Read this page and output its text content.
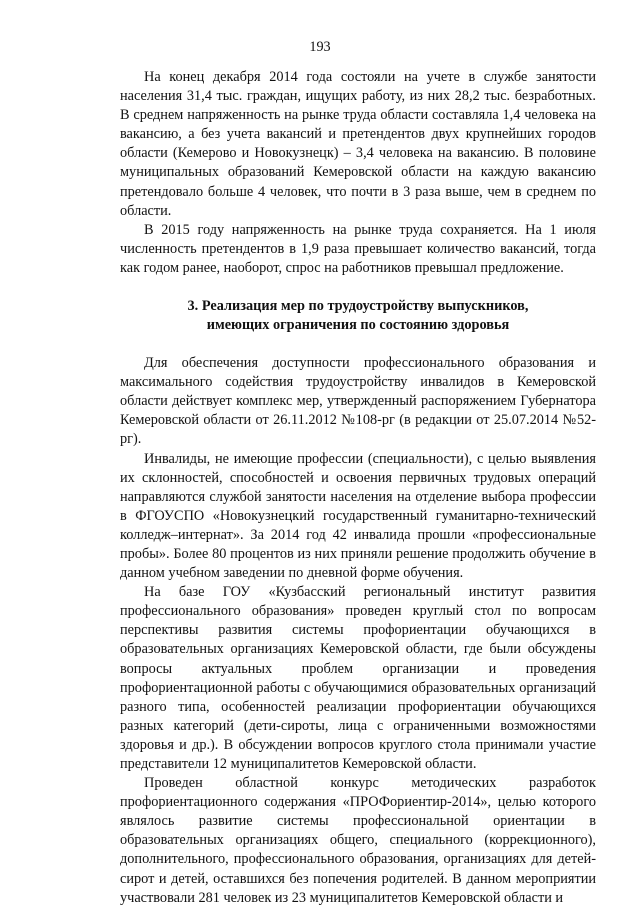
193

На конец декабря 2014 года состояли на учете в службе занятости населения 31,4 тыс. граждан, ищущих работу, из них 28,2 тыс. безработных. В среднем напряженность на рынке труда области составляла 1,4 человека на вакансию, а без учета вакансий и претендентов двух крупнейших городов области (Кемерово и Новокузнецк) – 3,4 человека на вакансию. В половине муниципальных образований Кемеровской области на каждую вакансию претендовало больше 4 человек, что почти в 3 раза выше, чем в среднем по области.

В 2015 году напряженность на рынке труда сохраняется. На 1 июля численность претендентов в 1,9 раза превышает количество вакансий, тогда как годом ранее, наоборот, спрос на работников превышал предложение.

3. Реализация мер по трудоустройству выпускников,

имеющих ограничения по состоянию здоровья

Для обеспечения доступности профессионального образования и максимального содействия трудоустройству инвалидов в Кемеровской области действует комплекс мер, утвержденный распоряжением Губернатора Кемеровской области от 26.11.2012 №108-рг (в редакции от 25.07.2014 №52-рг).

Инвалиды, не имеющие профессии (специальности), с целью выявления их склонностей, способностей и освоения первичных трудовых операций направляются службой занятости населения на отделение выбора профессии в ФГОУСПО «Новокузнецкий государственный гуманитарно-технический колледж–интернат». За 2014 год 42 инвалида прошли «профессиональные пробы». Более 80 процентов из них приняли решение продолжить обучение в данном учебном заведении по дневной форме обучения.

На базе ГОУ «Кузбасский региональный институт развития профессионального образования» проведен круглый стол по вопросам перспективы развития системы профориентации обучающихся в образовательных организациях Кемеровской области, где были обсуждены вопросы актуальных проблем организации и проведения профориентационной работы с обучающимися образовательных организаций разного типа, особенностей реализации профориентации обучающихся разных категорий (дети-сироты, лица с ограниченными возможностями здоровья и др.). В обсуждении вопросов круглого стола принимали участие представители 12 муниципалитетов Кемеровской области.

Проведен областной конкурс методических разработок профориентационного содержания «ПРОФориентир-2014», целью которого являлось развитие системы профессиональной ориентации в образовательных организациях общего, специального (коррекционного), дополнительного, профессионального образования, организациях для детей-сирот и детей, оставшихся без попечения родителей. В данном мероприятии участвовали 281 человек из 23 муниципалитетов Кемеровской области и
